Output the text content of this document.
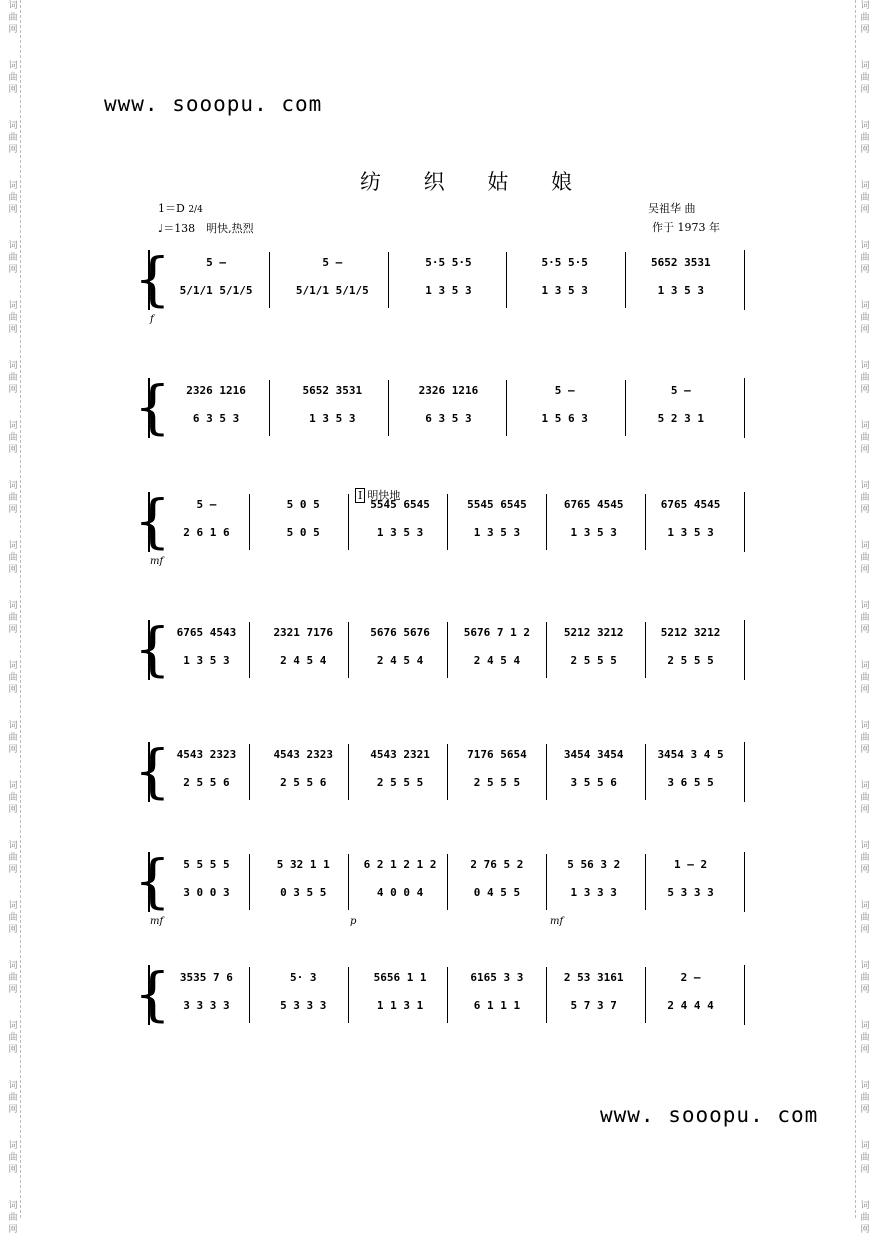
词
曲
网
词
曲
网
词
曲
网
词
曲
网
词
曲
网
词
曲
网
词
曲
网
词
曲
网
词
曲
网
词
曲
网
词
曲
网
词
曲
网
词
曲
网
词
曲
网
词
曲
网
词
曲
网
词
曲
网
词
曲
网
词
曲
网
词
曲
网
词
曲
网
词
曲
网
词
曲
网
词
曲
网
词
曲
网
词
曲
网
词
曲
网
词
曲
网
词
曲
网
词
曲
网
词
曲
网
词
曲
网
词
曲
网
词
曲
网
词
曲
网
词
曲
网
词
曲
网
词
曲
网
词
曲
网
词
曲
网
词
曲
网
词
曲
网
www. sooopu. com
纺 织 姑 娘
1＝D 2/4
♩＝138　明快,热烈
吴祖华 曲
作于 1973 年
I 明快地
{	5 —	5 —	5·5 5·5	5·5 5·5	5652 3531
5/1/1 5/1/5	5/1/1 5/1/5	1 3 5 3	1 3 5 3	1 3 5 3
f
{	2326 1216	5652 3531	2326 1216	5 —	5 —
6 3 5 3	1 3 5 3	6 3 5 3	1 5 6 3	5 2 3 1
{	5 —	5 0 5	5545 6545	5545 6545	6765 4545	6765 4545
2 6 1 6	5 0 5	1 3 5 3	1 3 5 3	1 3 5 3	1 3 5 3
mf
{ 6765 4543	2321 7176	5676 5676	5676 7 1 2	5212 3212	5212 3212
1 3 5 3	2 4 5 4	2 4 5 4	2 4 5 4	2 5 5 5	2 5 5 5
{ 4543 2323	4543 2323	4543 2321	7176 5654	3454 3454	3454 3 4 5
2 5 5 6	2 5 5 6	2 5 5 5	2 5 5 5	3 5 5 6	3 6 5 5
{	5 5 5 5	5 32 1 1	6 2 1 2 1 2	2 76 5 2	5 56 3 2	1 — 2
3 0 0 3	0 3 5 5	4 0 0 4	0 4 5 5	1 3 3 3	5 3 3 3
mf	p	mf
{ 3535 7 6	5· 3	5656 1 1	6165 3 3	2 53 3161	2 —
3 3 3 3	5 3 3 3	1 1 3 1	6 1 1 1	5 7 3 7	2 4 4 4
www. sooopu. com
